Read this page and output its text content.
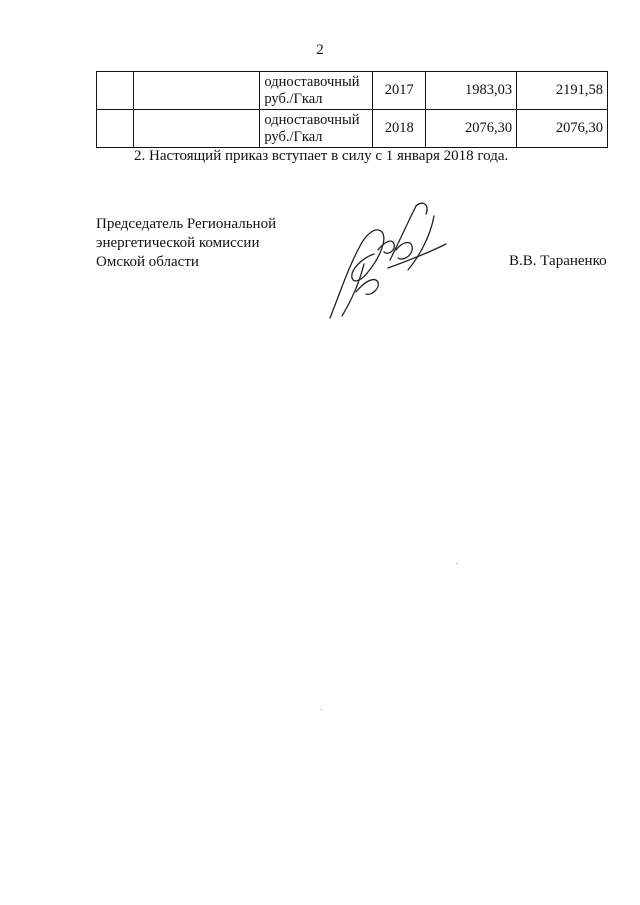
2

		одноставочный
руб./Гкал	2017	1983,03	2191,58

		одноставочный
руб./Гкал	2018	2076,30	2076,30
2. Настоящий приказ вступает в силу с 1 января 2018 года.
Председатель Региональной
энергетической комиссии
Омской области	В.В. Тараненко
